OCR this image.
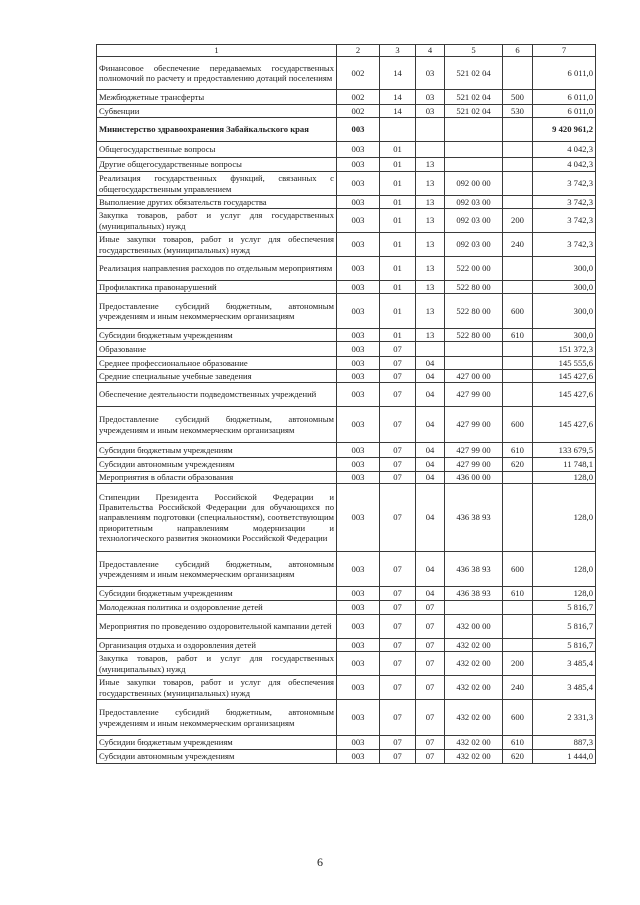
1	2	3	4	5	6	7
Финансовое обеспечение передаваемых государственных полномочий по расчету и предоставлению дотаций поселениям	002	14	03	521 02 04		6 011,0
Межбюджетные трансферты	002	14	03	521 02 04	500	6 011,0
Субвенции	002	14	03	521 02 04	530	6 011,0
Министерство здравоохранения Забайкальского края	003					9 420 961,2
Общегосударственные вопросы	003	01				4 042,3
Другие общегосударственные вопросы	003	01	13			4 042,3
Реализация государственных функций, связанных с общегосударственным управлением	003	01	13	092 00 00		3 742,3
Выполнение других обязательств государства	003	01	13	092 03 00		3 742,3
Закупка товаров, работ и услуг для государственных (муниципальных) нужд	003	01	13	092 03 00	200	3 742,3
Иные закупки товаров, работ и услуг для обеспечения государственных (муниципальных) нужд	003	01	13	092 03 00	240	3 742,3
Реализация направления расходов по отдельным мероприятиям	003	01	13	522 00 00		300,0
Профилактика правонарушений	003	01	13	522 80 00		300,0
Предоставление субсидий бюджетным, автономным учреждениям и иным некоммерческим организациям	003	01	13	522 80 00	600	300,0
Субсидии бюджетным учреждениям	003	01	13	522 80 00	610	300,0
Образование	003	07				151 372,3
Среднее профессиональное образование	003	07	04			145 555,6
Средние специальные учебные заведения	003	07	04	427 00 00		145 427,6
Обеспечение деятельности подведомственных учреждений	003	07	04	427 99 00		145 427,6
Предоставление субсидий бюджетным, автономным учреждениям и иным некоммерческим организациям	003	07	04	427 99 00	600	145 427,6
Субсидии бюджетным учреждениям	003	07	04	427 99 00	610	133 679,5
Субсидии автономным учреждениям	003	07	04	427 99 00	620	11 748,1
Мероприятия в области образования	003	07	04	436 00 00		128,0
Стипендии Президента Российской Федерации и Правительства Российской Федерации для обучающихся по направлениям подготовки (специальностям), соответствующим приоритетным направлениям модернизации и технологического развития экономики Российской Федерации	003	07	04	436 38 93		128,0
Предоставление субсидий бюджетным, автономным учреждениям и иным некоммерческим организациям	003	07	04	436 38 93	600	128,0
Субсидии бюджетным учреждениям	003	07	04	436 38 93	610	128,0
Молодежная политика и оздоровление детей	003	07	07			5 816,7
Мероприятия по проведению оздоровительной кампании детей	003	07	07	432 00 00		5 816,7
Организация отдыха и оздоровления детей	003	07	07	432 02 00		5 816,7
Закупка товаров, работ и услуг для государственных (муниципальных) нужд	003	07	07	432 02 00	200	3 485,4
Иные закупки товаров, работ и услуг для обеспечения государственных (муниципальных) нужд	003	07	07	432 02 00	240	3 485,4
Предоставление субсидий бюджетным, автономным учреждениям и иным некоммерческим организациям	003	07	07	432 02 00	600	2 331,3
Субсидии бюджетным учреждениям	003	07	07	432 02 00	610	887,3
Субсидии автономным учреждениям	003	07	07	432 02 00	620	1 444,0
6
